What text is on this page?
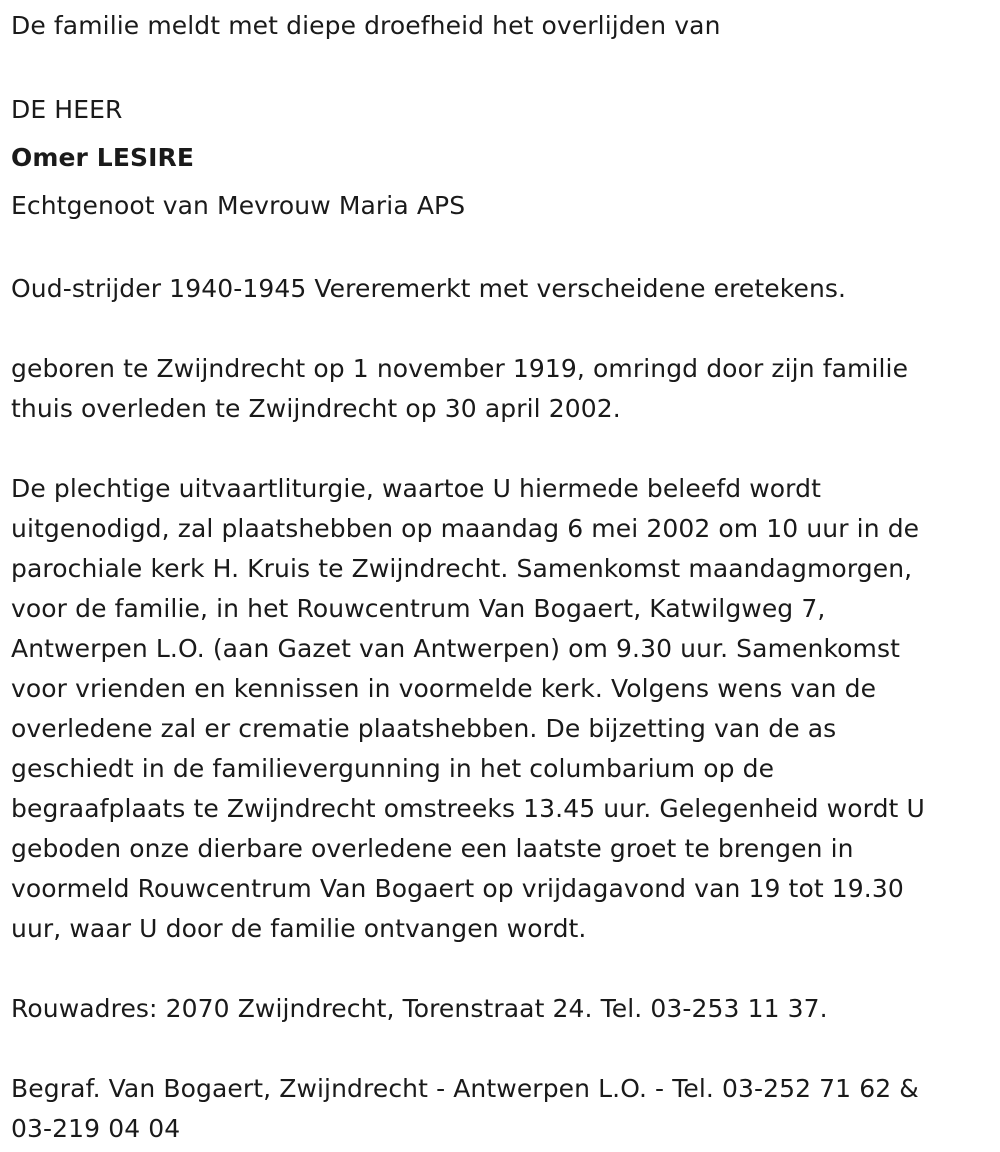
De familie meldt met diepe droefheid het overlijden van

DE HEER

Omer LESIRE

Echtgenoot van Mevrouw Maria APS

Oud-strijder 1940-1945 Vereremerkt met verscheidene eretekens.

geboren te Zwijndrecht op 1 november 1919, omringd door zijn familie

thuis overleden te Zwijndrecht op 30 april 2002.

De plechtige uitvaartliturgie, waartoe U hiermede beleefd wordt

uitgenodigd, zal plaatshebben op maandag 6 mei 2002 om 10 uur in de

parochiale kerk H. Kruis te Zwijndrecht. Samenkomst maandagmorgen,

voor de familie, in het Rouwcentrum Van Bogaert, Katwilgweg 7,

Antwerpen L.O. (aan Gazet van Antwerpen) om 9.30 uur. Samenkomst

voor vrienden en kennissen in voormelde kerk. Volgens wens van de

overledene zal er crematie plaatshebben. De bijzetting van de as

geschiedt in de familievergunning in het columbarium op de

begraafplaats te Zwijndrecht omstreeks 13.45 uur. Gelegenheid wordt U

geboden onze dierbare overledene een laatste groet te brengen in

voormeld Rouwcentrum Van Bogaert op vrijdagavond van 19 tot 19.30

uur, waar U door de familie ontvangen wordt.

Rouwadres: 2070 Zwijndrecht, Torenstraat 24. Tel. 03-253 11 37.

Begraf. Van Bogaert, Zwijndrecht - Antwerpen L.O. - Tel. 03-252 71 62 &

03-219 04 04
